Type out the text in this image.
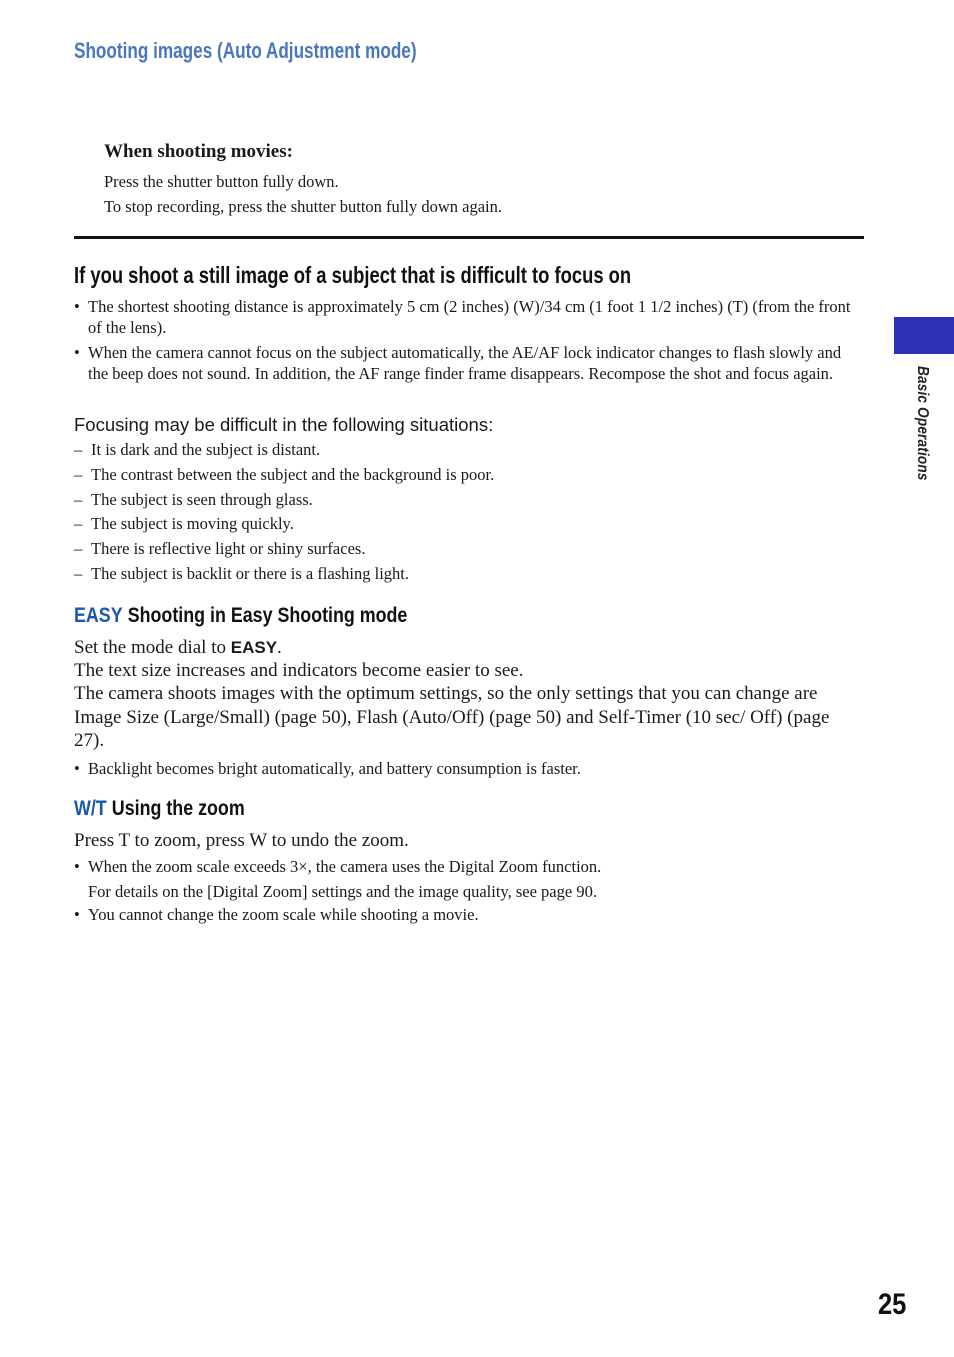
Shooting images (Auto Adjustment mode)
When shooting movies:
Press the shutter button fully down.
To stop recording, press the shutter button fully down again.
If you shoot a still image of a subject that is difficult to focus on
• The shortest shooting distance is approximately 5 cm (2 inches) (W)/34 cm (1 foot 1 1/2 inches) (T) (from the front of the lens).
• When the camera cannot focus on the subject automatically, the AE/AF lock indicator changes to flash slowly and the beep does not sound. In addition, the AF range finder frame disappears. Recompose the shot and focus again.
Focusing may be difficult in the following situations:
– It is dark and the subject is distant.
– The contrast between the subject and the background is poor.
– The subject is seen through glass.
– The subject is moving quickly.
– There is reflective light or shiny surfaces.
– The subject is backlit or there is a flashing light.
EASY Shooting in Easy Shooting mode
Set the mode dial to EASY.
The text size increases and indicators become easier to see.
The camera shoots images with the optimum settings, so the only settings that you can change are Image Size (Large/Small) (page 50), Flash (Auto/Off) (page 50) and Self-Timer (10 sec/ Off) (page 27).
• Backlight becomes bright automatically, and battery consumption is faster.
W/T Using the zoom
Press T to zoom, press W to undo the zoom.
• When the zoom scale exceeds 3×, the camera uses the Digital Zoom function.
For details on the [Digital Zoom] settings and the image quality, see page 90.
• You cannot change the zoom scale while shooting a movie.
Basic Operations
25
